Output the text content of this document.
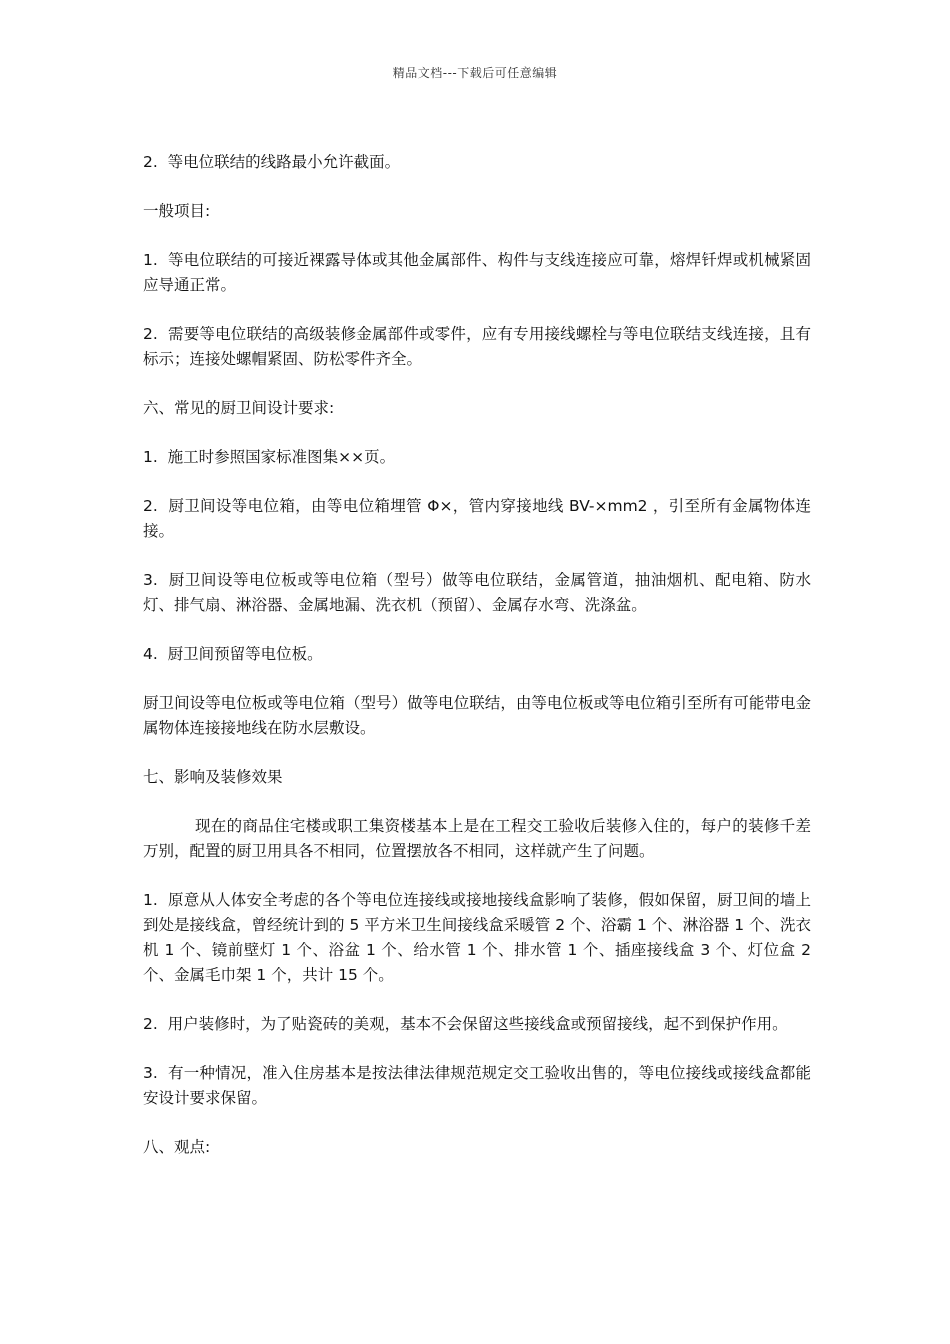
精品文档---下载后可任意编辑

2.  等电位联结的线路最小允许截面。

一般项目:

1.  等电位联结的可接近裸露导体或其他金属部件、构件与支线连接应可靠，熔焊钎焊或机械紧固应导通正常。

2.  需要等电位联结的高级装修金属部件或零件，应有专用接线螺栓与等电位联结支线连接，且有标示；连接处螺帽紧固、防松零件齐全。

六、常见的厨卫间设计要求:

1.  施工时参照国家标准图集××页。

2.  厨卫间设等电位箱，由等电位箱埋管 Φ×，管内穿接地线 BV-×mm2 ，引至所有金属物体连接。

3.  厨卫间设等电位板或等电位箱（型号）做等电位联结，金属管道，抽油烟机、配电箱、防水灯、排气扇、淋浴器、金属地漏、洗衣机（预留）、金属存水弯、洗涤盆。

4.  厨卫间预留等电位板。

厨卫间设等电位板或等电位箱（型号）做等电位联结，由等电位板或等电位箱引至所有可能带电金属物体连接接地线在防水层敷设。

七、影响及装修效果

现在的商品住宅楼或职工集资楼基本上是在工程交工验收后装修入住的，每户的装修千差万别，配置的厨卫用具各不相同，位置摆放各不相同，这样就产生了问题。

1.  原意从人体安全考虑的各个等电位连接线或接地接线盒影响了装修，假如保留，厨卫间的墙上到处是接线盒，曾经统计到的 5 平方米卫生间接线盒采暖管 2 个、浴霸 1 个、淋浴器 1 个、洗衣机 1 个、镜前壁灯 1 个、浴盆 1 个、给水管 1 个、排水管 1 个、插座接线盒 3 个、灯位盒 2 个、金属毛巾架 1 个，共计 15 个。

2.  用户装修时，为了贴瓷砖的美观，基本不会保留这些接线盒或预留接线，起不到保护作用。

3.  有一种情况，准入住房基本是按法律法律规范规定交工验收出售的，等电位接线或接线盒都能安设计要求保留。

八、观点:
